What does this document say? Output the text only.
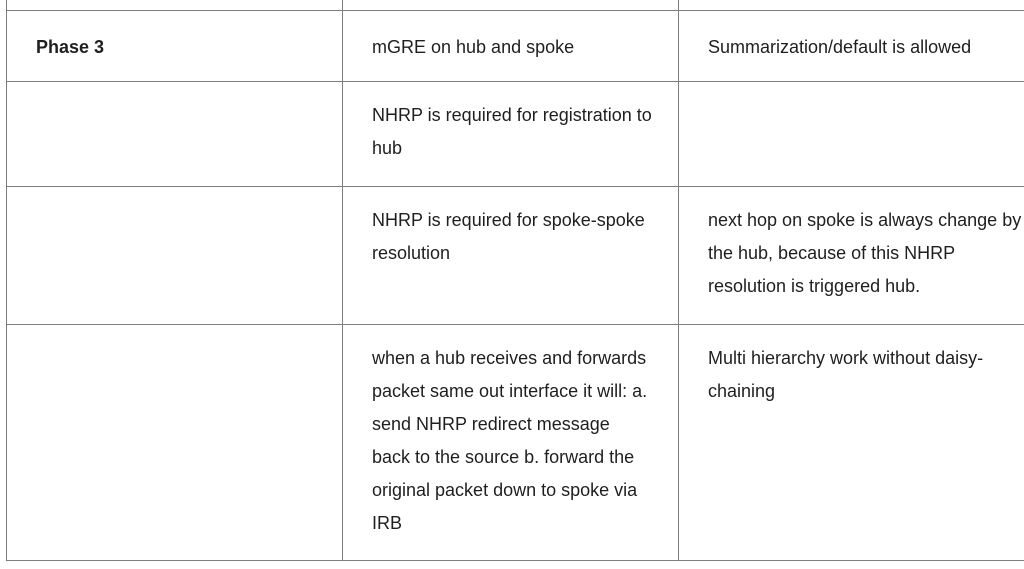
Phase 3	mGRE on hub and spoke	Summarization/default is allowed

	NHRP is required for registration to hub	

	NHRP is required for spoke-spoke resolution	next hop on spoke is always change by the hub, because of this NHRP resolution is triggered hub.

	when a hub receives and forwards packet same out interface it will: a. send NHRP redirect message back to the source b. forward the original packet down to spoke via IRB	Multi hierarchy work without daisy-chaining
